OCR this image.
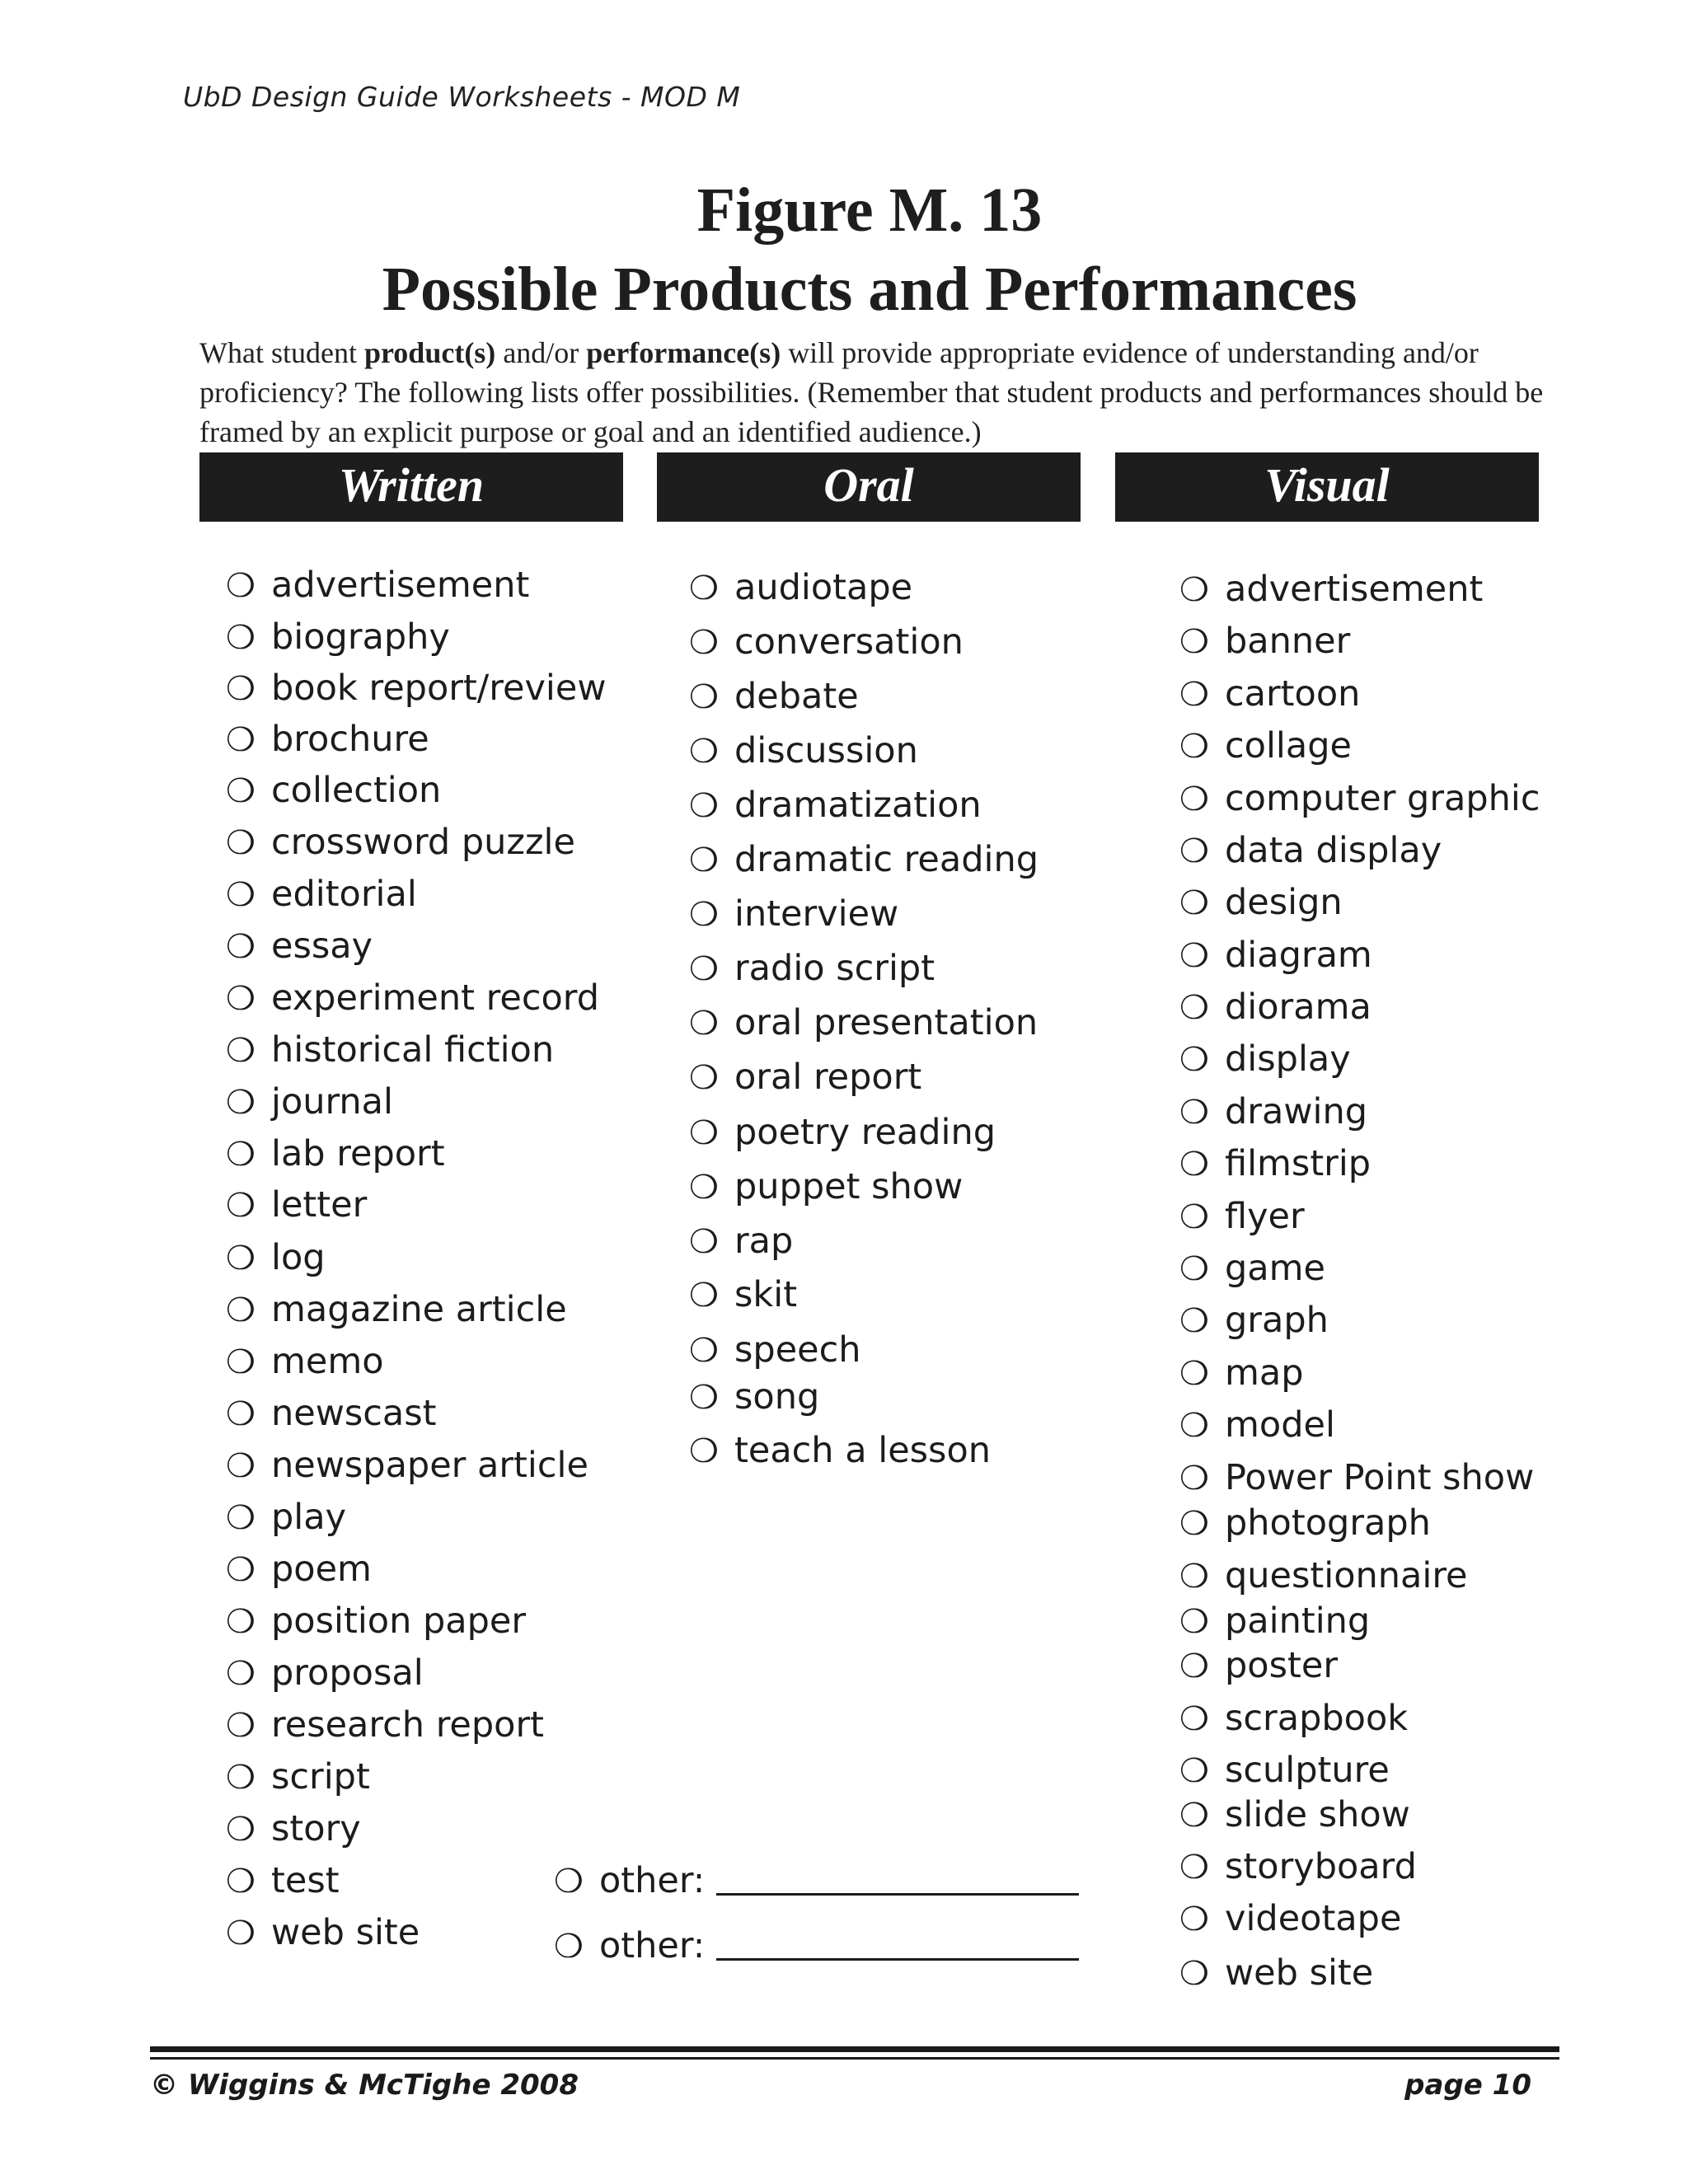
UbD Design Guide Worksheets - MOD M
Figure M. 13
Possible Products and Performances

What student product(s) and/or performance(s) will provide appropriate evidence of understanding and/or proficiency? The following lists offer possibilities. (Remember that student products and performances should be framed by an explicit purpose or goal and an identified audience.)

Written	Oral	Visual
❍ advertisement
❍ biography
❍ book report/review
❍ brochure
❍ collection
❍ crossword puzzle
❍ editorial
❍ essay
❍ experiment record
❍ historical fiction
❍ journal
❍ lab report
❍ letter
❍ log
❍ magazine article
❍ memo
❍ newscast
❍ newspaper article
❍ play
❍ poem
❍ position paper
❍ proposal
❍ research report
❍ script
❍ story
❍ test
❍ web site
❍ audiotape
❍ conversation
❍ debate
❍ discussion
❍ dramatization
❍ dramatic reading
❍ interview
❍ radio script
❍ oral presentation
❍ oral report
❍ poetry reading
❍ puppet show
❍ rap
❍ skit
❍ speech
❍ song
❍ teach a lesson
❍ advertisement
❍ banner
❍ cartoon
❍ collage
❍ computer graphic
❍ data display
❍ design
❍ diagram
❍ diorama
❍ display
❍ drawing
❍ filmstrip
❍ flyer
❍ game
❍ graph
❍ map
❍ model
❍ Power Point show
❍ photograph
❍ questionnaire
❍ painting
❍ poster
❍ scrapbook
❍ sculpture
❍ slide show
❍ storyboard
❍ videotape
❍ web site
❍ other:
❍ other:
© Wiggins & McTighe 2008	page 10
